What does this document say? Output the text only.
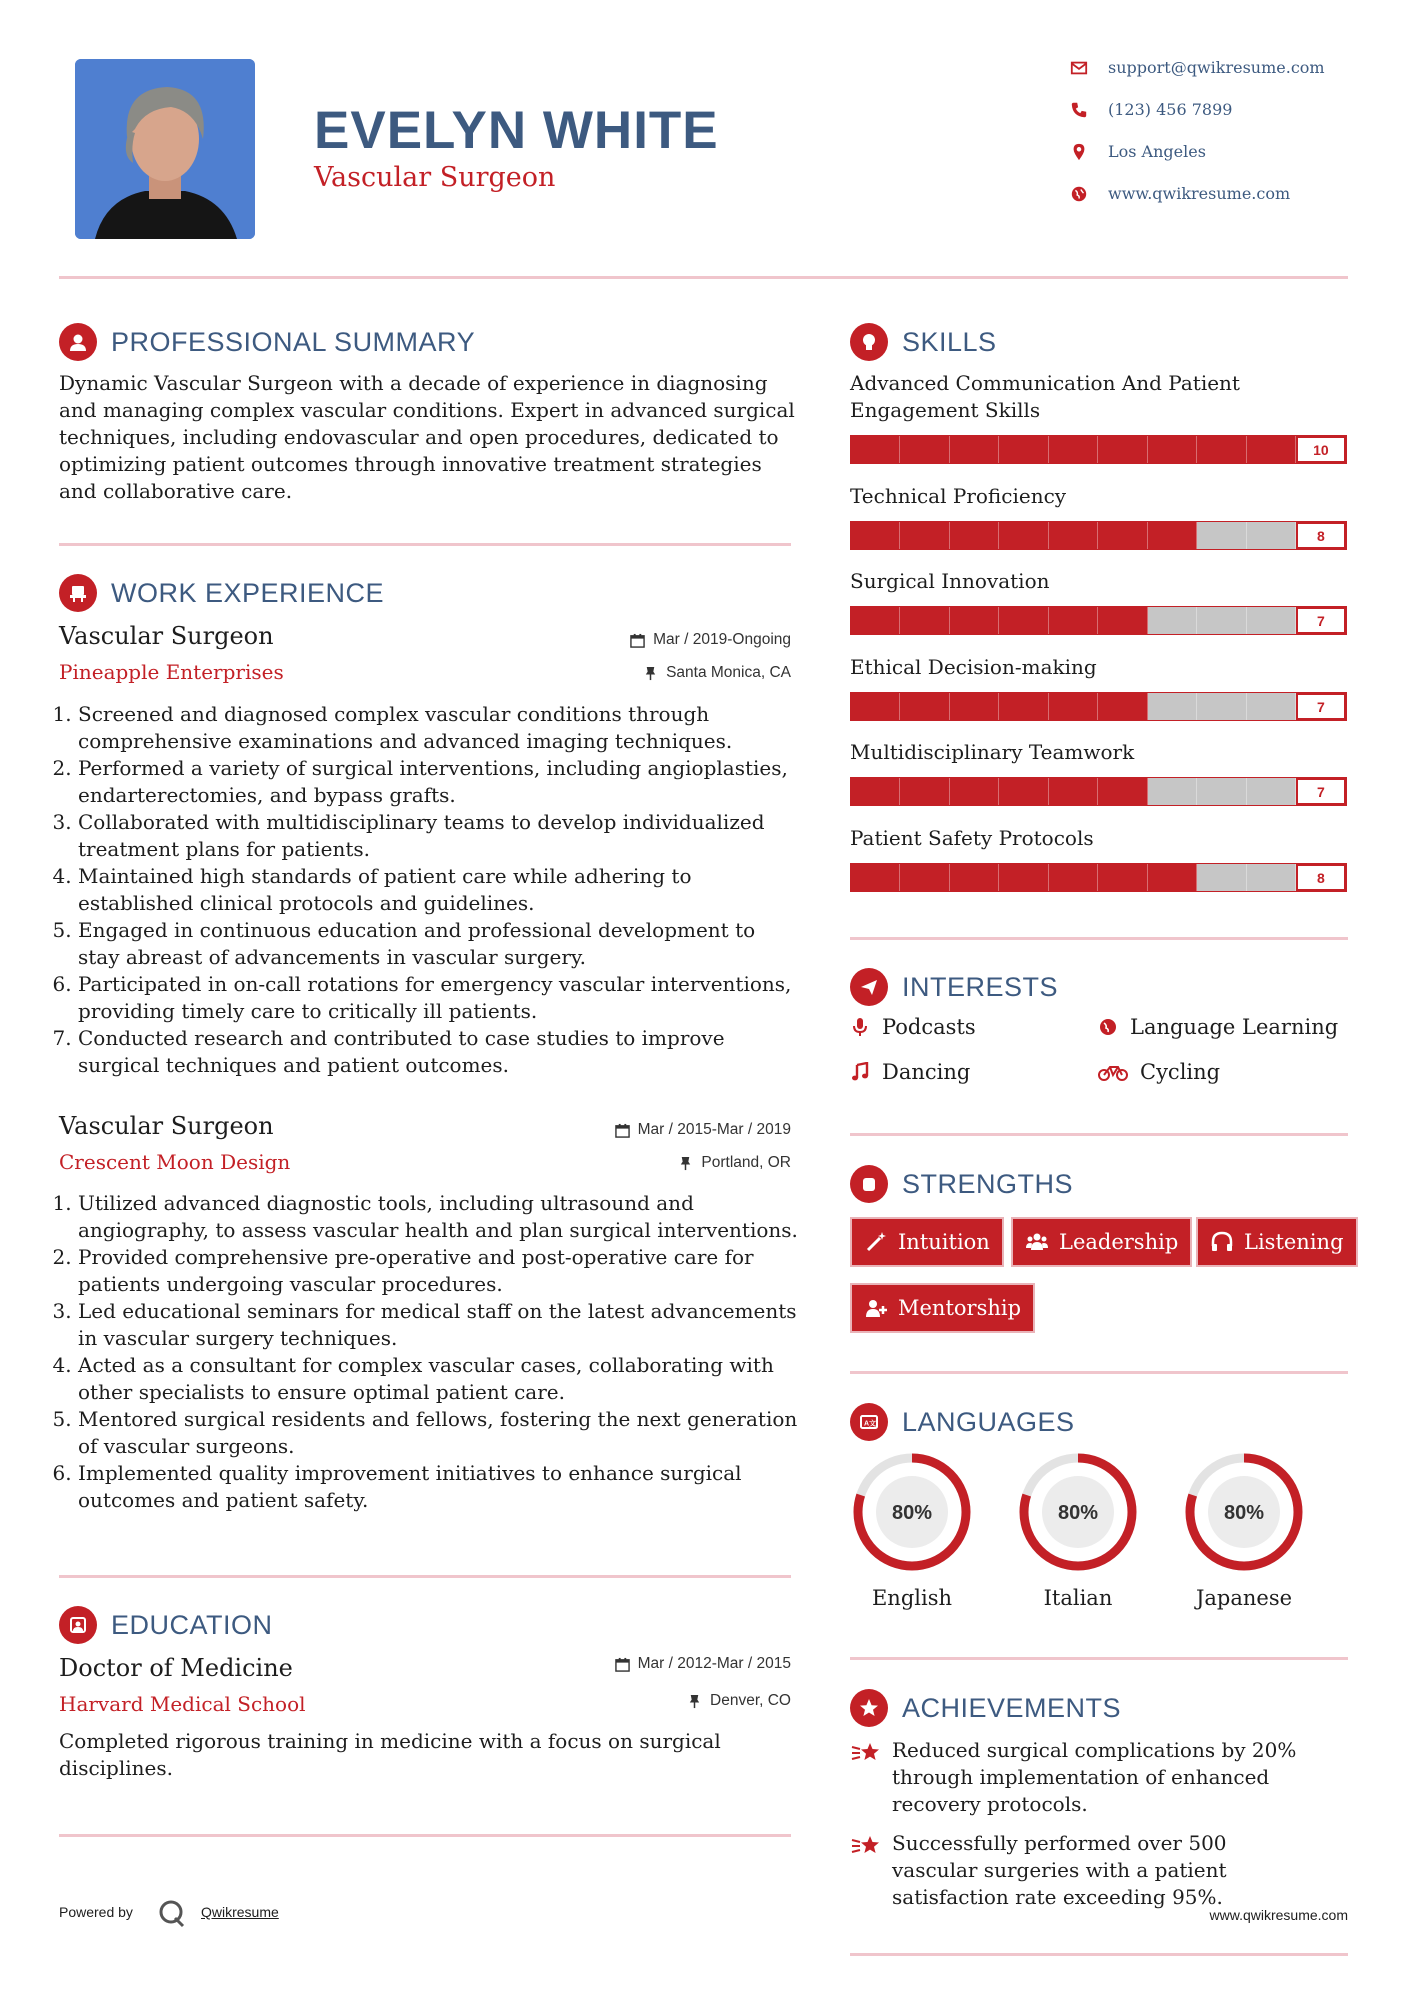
EVELYN WHITE
Vascular Surgeon
support@qwikresume.com
(123) 456 7899
Los Angeles
www.qwikresume.com
PROFESSIONAL SUMMARY
Dynamic Vascular Surgeon with a decade of experience in diagnosing and managing complex vascular conditions. Expert in advanced surgical techniques, including endovascular and open procedures, dedicated to optimizing patient outcomes through innovative treatment strategies and collaborative care.
WORK EXPERIENCE
Vascular Surgeon
Pineapple Enterprises
Mar / 2019-Ongoing
Santa Monica, CA
1. Screened and diagnosed complex vascular conditions through comprehensive examinations and advanced imaging techniques.
2. Performed a variety of surgical interventions, including angioplasties, endarterectomies, and bypass grafts.
3. Collaborated with multidisciplinary teams to develop individualized treatment plans for patients.
4. Maintained high standards of patient care while adhering to established clinical protocols and guidelines.
5. Engaged in continuous education and professional development to stay abreast of advancements in vascular surgery.
6. Participated in on-call rotations for emergency vascular interventions, providing timely care to critically ill patients.
7. Conducted research and contributed to case studies to improve surgical techniques and patient outcomes.
Vascular Surgeon
Crescent Moon Design
Mar / 2015-Mar / 2019
Portland, OR
1. Utilized advanced diagnostic tools, including ultrasound and angiography, to assess vascular health and plan surgical interventions.
2. Provided comprehensive pre-operative and post-operative care for patients undergoing vascular procedures.
3. Led educational seminars for medical staff on the latest advancements in vascular surgery techniques.
4. Acted as a consultant for complex vascular cases, collaborating with other specialists to ensure optimal patient care.
5. Mentored surgical residents and fellows, fostering the next generation of vascular surgeons.
6. Implemented quality improvement initiatives to enhance surgical outcomes and patient safety.
EDUCATION
Doctor of Medicine
Harvard Medical School
Mar / 2012-Mar / 2015
Denver, CO
Completed rigorous training in medicine with a focus on surgical disciplines.
Powered by	Qwikresume
SKILLS
Advanced Communication And Patient Engagement Skills
10
Technical Proficiency
8
Surgical Innovation
7
Ethical Decision-making
7
Multidisciplinary Teamwork
7
Patient Safety Protocols
8
INTERESTS
Podcasts	Language Learning
Dancing	Cycling
STRENGTHS
Intuition	Leadership	Listening
Mentorship
A文 LANGUAGES
80%
English
80%
Italian
80%
Japanese
ACHIEVEMENTS
Reduced surgical complications by 20% through implementation of enhanced recovery protocols.
Successfully performed over 500 vascular surgeries with a patient satisfaction rate exceeding 95%.
www.qwikresume.com
